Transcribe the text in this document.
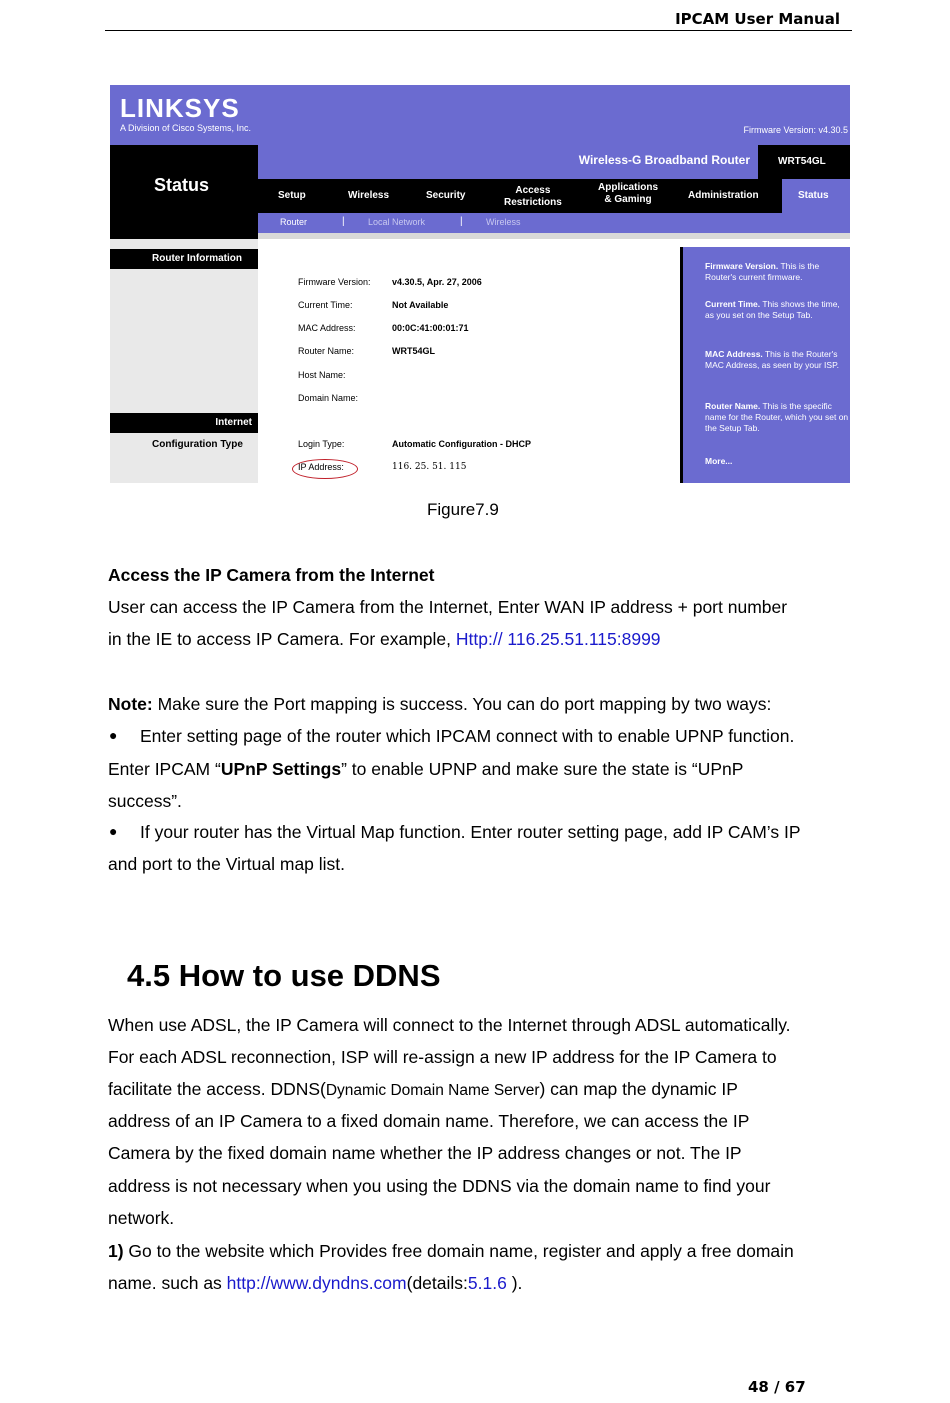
IPCAM User Manual
LINKSYS
A Division of Cisco Systems, Inc.	Firmware Version: v4.30.5
Status
Wireless-G Broadband Router	WRT54GL
Setup	Wireless	Security	Access
Restrictions
Applications
& Gaming	Administration	Status
Router	|	Local Network	|	Wireless
Router Information
Internet
Configuration Type
Firmware Version: v4.30.5, Apr. 27, 2006
Current Time:	Not Available
MAC Address:	00:0C:41:00:01:71
Router Name:	WRT54GL
Host Name:
Domain Name:
Login Type:	Automatic Configuration - DHCP
IP Address:	116. 25. 51. 115

Firmware Version. This is the Router's current firmware.

Current Time. This shows the time, as you set on the Setup Tab.

MAC Address. This is the Router's MAC Address, as seen by your ISP.

Router Name. This is the specific name for the Router, which you set on the Setup Tab.

More...

Figure7.9
Access the IP Camera from the Internet
User can access the IP Camera from the Internet, Enter WAN IP address + port number
in the IE to access IP Camera. For example, Http:// 116.25.51.115:8999
Note: Make sure the Port mapping is success. You can do port mapping by two ways:
● Enter setting page of the router which IPCAM connect with to enable UPNP function.
Enter IPCAM “UPnP Settings” to enable UPNP and make sure the state is “UPnP
success”.
● If your router has the Virtual Map function. Enter router setting page, add IP CAM’s IP
and port to the Virtual map list.
4.5 How to use DDNS
When use ADSL, the IP Camera will connect to the Internet through ADSL automatically.
For each ADSL reconnection, ISP will re-assign a new IP address for the IP Camera to
facilitate the access. DDNS(Dynamic Domain Name Server) can map the dynamic IP
address of an IP Camera to a fixed domain name. Therefore, we can access the IP
Camera by the fixed domain name whether the IP address changes or not. The IP
address is not necessary when you using the DDNS via the domain name to find your
network.
1) Go to the website which Provides free domain name, register and apply a free domain
name. such as http://www.dyndns.com(details:5.1.6 ).
48 / 67
